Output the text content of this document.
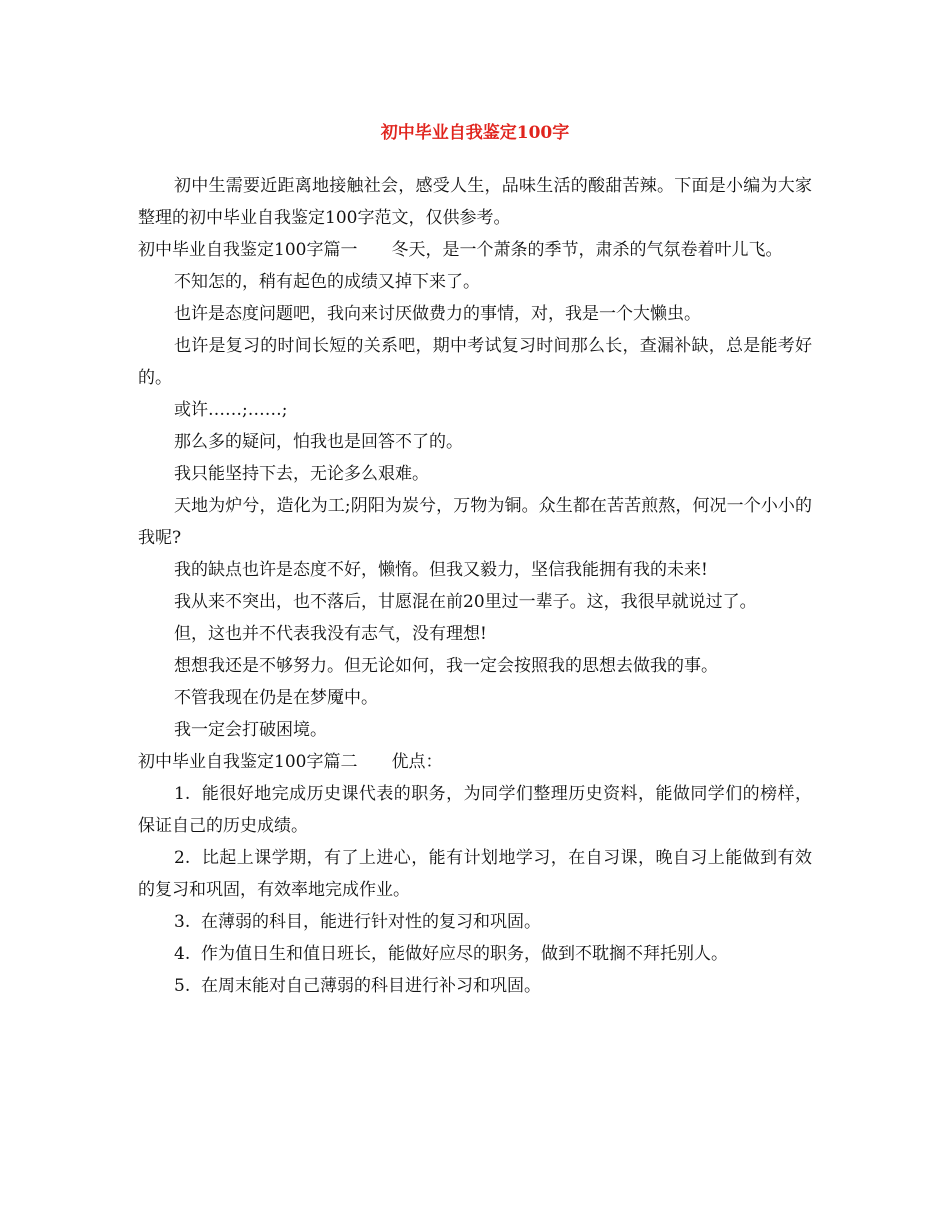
初中毕业自我鉴定100字

初中生需要近距离地接触社会，感受人生，品味生活的酸甜苦辣。下面是小编为大家整理的初中毕业自我鉴定100字范文，仅供参考。

初中毕业自我鉴定100字篇一　　冬天，是一个萧条的季节，肃杀的气氛卷着叶儿飞。

不知怎的，稍有起色的成绩又掉下来了。

也许是态度问题吧，我向来讨厌做费力的事情，对，我是一个大懒虫。

也许是复习的时间长短的关系吧，期中考试复习时间那么长，查漏补缺，总是能考好的。

或许……;……;

那么多的疑问，怕我也是回答不了的。

我只能坚持下去，无论多么艰难。

天地为炉兮，造化为工;阴阳为炭兮，万物为铜。众生都在苦苦煎熬，何况一个小小的我呢?

我的缺点也许是态度不好，懒惰。但我又毅力，坚信我能拥有我的未来!

我从来不突出，也不落后，甘愿混在前20里过一辈子。这，我很早就说过了。

但，这也并不代表我没有志气，没有理想!

想想我还是不够努力。但无论如何，我一定会按照我的思想去做我的事。

不管我现在仍是在梦魇中。

我一定会打破困境。

初中毕业自我鉴定100字篇二　　优点：

1.  能很好地完成历史课代表的职务，为同学们整理历史资料，能做同学们的榜样，保证自己的历史成绩。

2.  比起上课学期，有了上进心，能有计划地学习，在自习课，晚自习上能做到有效的复习和巩固，有效率地完成作业。

3.  在薄弱的科目，能进行针对性的复习和巩固。

4.  作为值日生和值日班长，能做好应尽的职务，做到不耽搁不拜托别人。

5.  在周末能对自己薄弱的科目进行补习和巩固。
